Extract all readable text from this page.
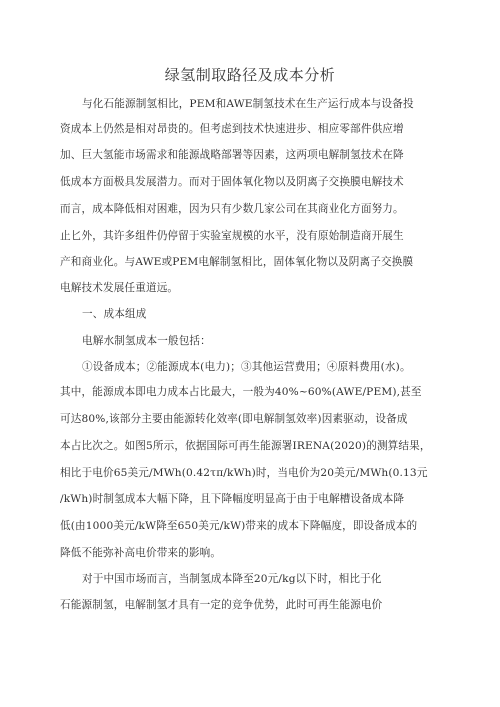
绿氢制取路径及成本分析
与化石能源制氢相比，PEM和AWE制氢技术在生产运行成本与设备投
资成本上仍然是相对昂贵的。但考虑到技术快速进步、相应零部件供应增
加、巨大氢能市场需求和能源战略部署等因素，这两项电解制氢技术在降
低成本方面极具发展潜力。而对于固体氧化物以及阴离子交换膜电解技术
而言，成本降低相对困难，因为只有少数几家公司在其商业化方面努力。
止匕外，其许多组件仍停留于实验室规模的水平，没有原始制造商开展生
产和商业化。与AWE或PEM电解制氢相比，固体氧化物以及阴离子交换膜
电解技术发展任重道远。
一、成本组成
电解水制氢成本一般包括：
①设备成本；②能源成本(电力)；③其他运营费用；④原料费用(水)。
其中，能源成本即电力成本占比最大，一般为40%~60%(AWE/PEM),甚至
可达80%,该部分主要由能源转化效率(即电解制氢效率)因素驱动，设备成
本占比次之。如图5所示，依据国际可再生能源署IRENA(2020)的测算结果，
相比于电价65美元/MWh(0.42τπ∕kWh)时，当电价为20美元/MWh(0.13元
/kWh)时制氢成本大幅下降，且下降幅度明显高于由于电解槽设备成本降
低(由1000美元/kW降至650美元/kW)带来的成本下降幅度，即设备成本的
降低不能弥补高电价带来的影响。
对于中国市场而言，当制氢成本降至20元/kg以下时，相比于化
石能源制氢，电解制氢才具有一定的竞争优势，此时可再生能源电价
